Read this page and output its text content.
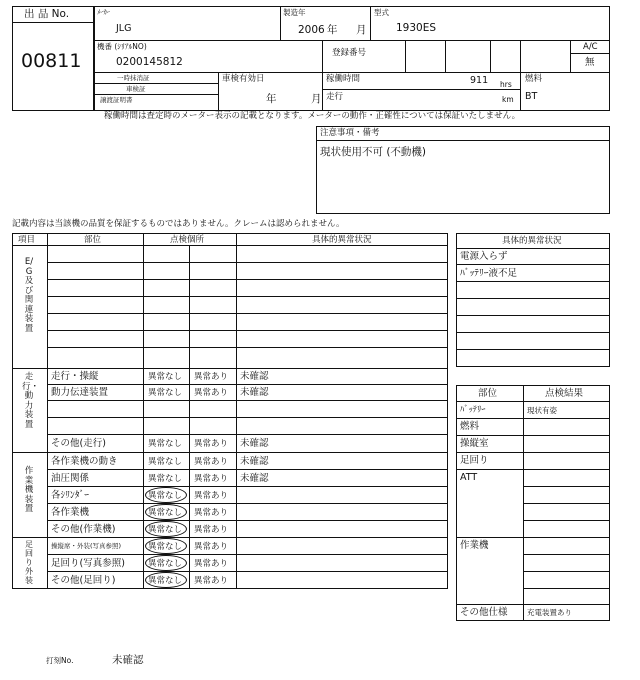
出 品 No.
00811
ﾒｰｶｰ
JLG
製造年
2006 年 月
型式
1930ES
機番 (ｼﾘｱﾙNO)
0200145812
登録番号
A/C
無
一時抹消証
車検証
譲渡証明書
車検有効日
年	月
稼働時間	911 hrs
走行	km
燃料
BT
稼働時間は査定時のメーター表示の記載となります。メーターの動作・正確性については保証いたしません。
注意事項・備考
現状使用不可 (不動機)
記載内容は当該機の品質を保証するものではありません。クレームは認められません。
項目	部位	点検個所	具体的異常状況
E/G及び関連装置
走行・動力装置
作業機装置
足回り外装
走行・操縦	異常なし 異常あり 未確認
動力伝達装置	異常なし 異常あり 未確認
その他(走行)	異常なし 異常あり 未確認
各作業機の動き	異常なし 異常あり 未確認
油圧関係	異常なし 異常あり 未確認
各ｼﾘﾝﾀﾞｰ	異常なし 異常あり
各作業機	異常なし 異常あり
その他(作業機)	異常なし 異常あり
操縦席・外装(写真参照)	異常なし 異常あり
足回り(写真参照)	異常なし 異常あり
その他(足回り)	異常なし 異常あり
具体的異常状況
電源入らず
ﾊﾞｯﾃﾘｰ液不足
部位	点検結果
ﾊﾞｯﾃﾘｰ	現状有姿
燃料
操縦室
足回り
ATT
作業機
その他仕様	充電装置あり
打刻No.	未確認
